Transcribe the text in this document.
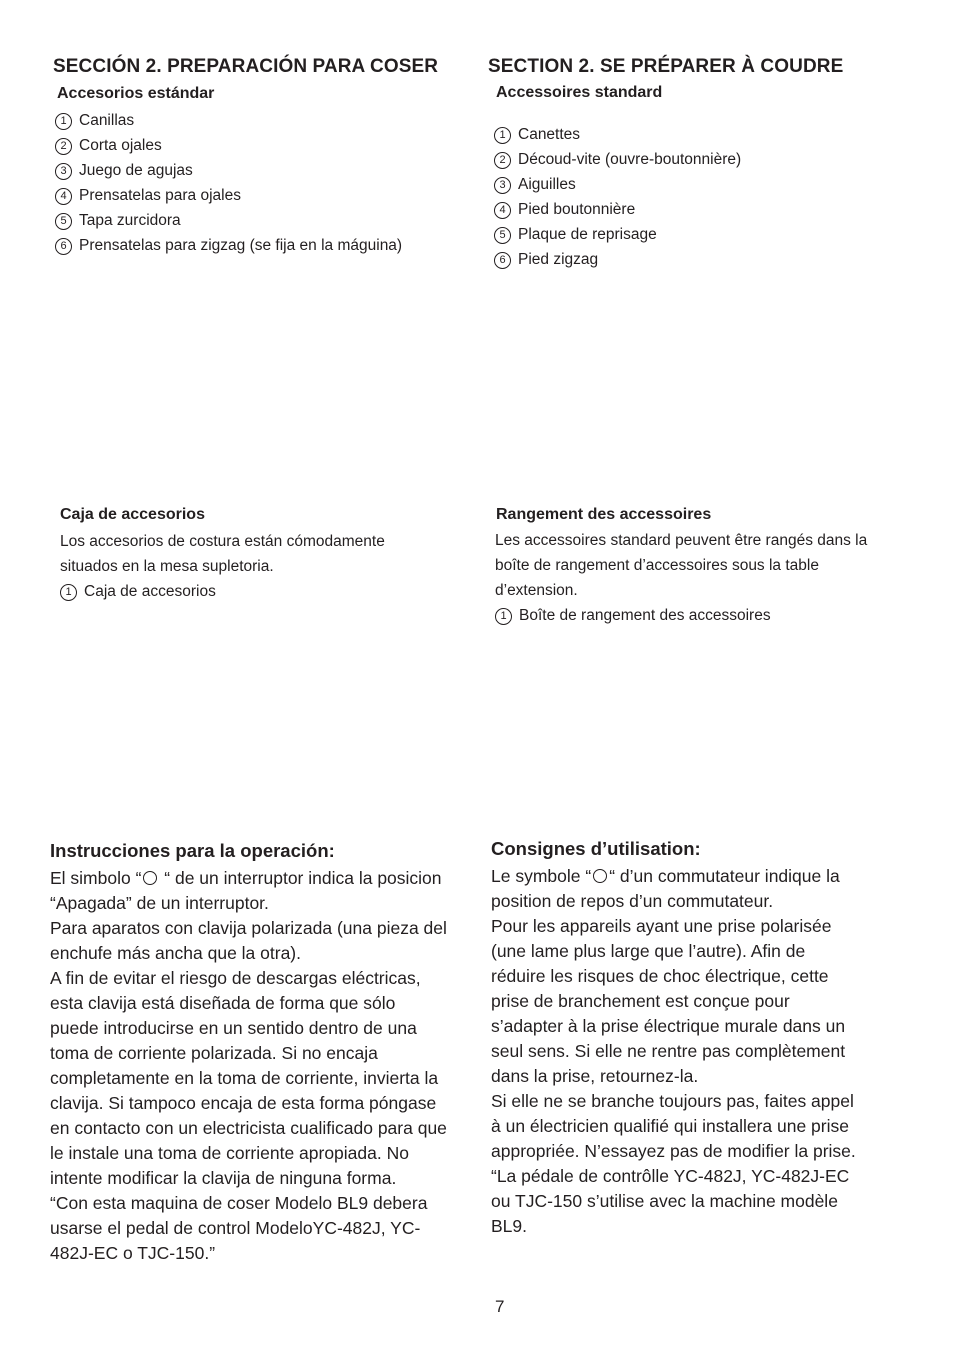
SECCIÓN 2. PREPARACIÓN PARA COSER
Accesorios estándar
1 Canillas
2 Corta ojales
3 Juego de agujas
4 Prensatelas para ojales
5 Tapa zurcidora
6 Prensatelas para zigzag (se fija en la máguina)
Caja de accesorios
Los accesorios de costura están cómodamente
situados en la mesa supletoria.
1 Caja de accesorios
Instrucciones para la operación:
El simbolo “ “ de un interruptor indica la posicion
“Apagada” de un interruptor.
Para aparatos con clavija polarizada (una pieza del
enchufe más ancha que la otra).
A fin de evitar el riesgo de descargas eléctricas,
esta clavija está diseñada de forma que sólo
puede introducirse en un sentido dentro de una
toma de corriente polarizada. Si no encaja
completamente en la toma de corriente, invierta la
clavija. Si tampoco encaja de esta forma póngase
en contacto con un electricista cualificado para que
le instale una toma de corriente apropiada. No
intente modificar la clavija de ninguna forma.
“Con esta maquina de coser Modelo BL9 debera
usarse el pedal de control ModeloYC-482J, YC-
482J-EC o TJC-150.”
SECTION 2. SE PRÉPARER À COUDRE
Accessoires standard
1 Canettes
2 Découd-vite (ouvre-boutonnière)
3 Aiguilles
4 Pied boutonnière
5 Plaque de reprisage
6 Pied zigzag
Rangement des accessoires
Les accessoires standard peuvent être rangés dans la
boîte de rangement d’accessoires sous la table
d’extension.
1 Boîte de rangement des accessoires
Consignes d’utilisation:
Le symbole “ “ d’un commutateur indique la
position de repos d’un commutateur.
Pour les appareils ayant une prise polarisée
(une lame plus large que l’autre). Afin de
réduire les risques de choc électrique, cette
prise de branchement est conçue pour
s’adapter à la prise électrique murale dans un
seul sens. Si elle ne rentre pas complètement
dans la prise, retournez-la.
Si elle ne se branche toujours pas, faites appel
à un électricien qualifié qui installera une prise
appropriée. N’essayez pas de modifier la prise.
“La pédale de contrôlle YC-482J, YC-482J-EC
ou TJC-150 s’utilise avec la machine modèle
BL9.
7
